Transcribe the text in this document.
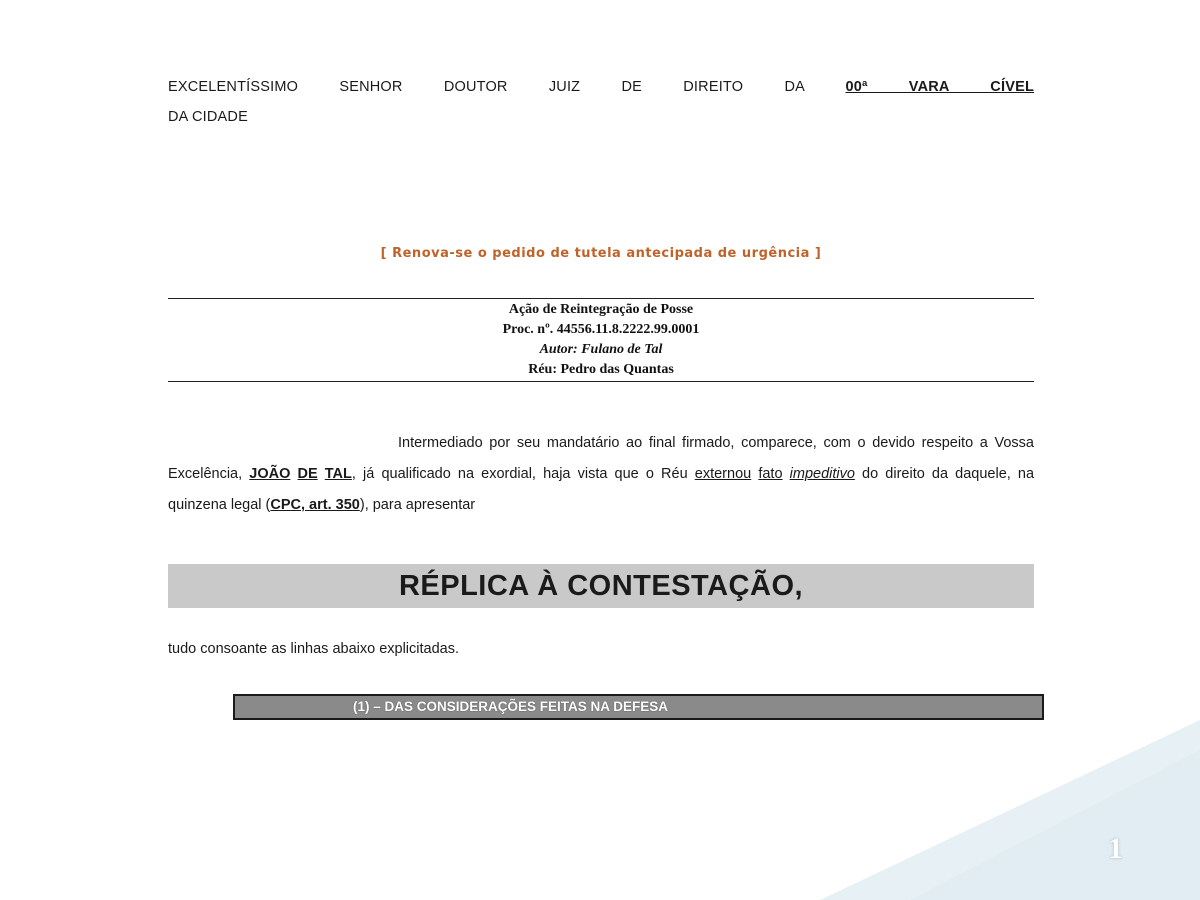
EXCELENTÍSSIMO SENHOR DOUTOR JUIZ DE DIREITO DA	00ª VARA CÍVEL
DA CIDADE
[ Renova-se o pedido de tutela antecipada de urgência ]
Ação de Reintegração de Posse
Proc. nº. 44556.11.8.2222.99.0001
Autor: Fulano de Tal
Réu: Pedro das Quantas
Intermediado por seu mandatário ao final firmado, comparece, com o devido respeito a Vossa Excelência, JOÃO DE TAL, já qualificado na exordial, haja vista que o Réu externou fato impeditivo do direito da daquele, na quinzena legal (CPC, art. 350), para apresentar
RÉPLICA À CONTESTAÇÃO,
tudo consoante as linhas abaixo explicitadas.
(1) – DAS CONSIDERAÇÕES FEITAS NA DEFESA
1
